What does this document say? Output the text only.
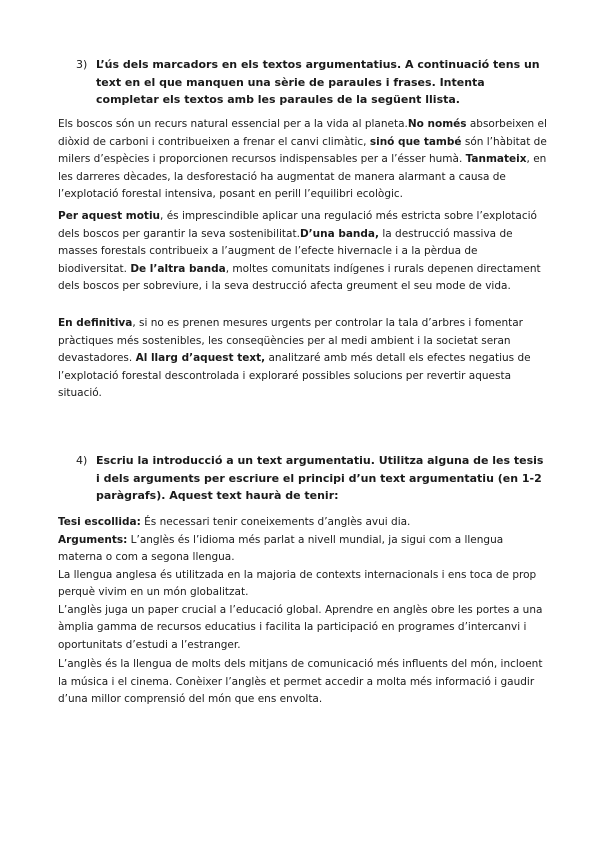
3) L’ús dels marcadors en els textos argumentatius. A continuació tens un text en el que manquen una sèrie de paraules i frases. Intenta completar els textos amb les paraules de la següent llista.

Els boscos són un recurs natural essencial per a la vida al planeta.No només absorbeixen el diòxid de carboni i contribueixen a frenar el canvi climàtic, sinó que també són l’hàbitat de milers d’espècies i proporcionen recursos indispensables per a l’ésser humà. Tanmateix, en les darreres dècades, la desforestació ha augmentat de manera alarmant a causa de l’explotació forestal intensiva, posant en perill l’equilibri ecològic.

Per aquest motiu, és imprescindible aplicar una regulació més estricta sobre l’explotació dels boscos per garantir la seva sostenibilitat.D’una banda, la destrucció massiva de masses forestals contribueix a l’augment de l’efecte hivernacle i a la pèrdua de biodiversitat. De l’altra banda, moltes comunitats indígenes i rurals depenen directament dels boscos per sobreviure, i la seva destrucció afecta greument el seu mode de vida.

En definitiva, si no es prenen mesures urgents per controlar la tala d’arbres i fomentar pràctiques més sostenibles, les conseqüències per al medi ambient i la societat seran devastadores. Al llarg d’aquest text, analitzaré amb més detall els efectes negatius de l’explotació forestal descontrolada i exploraré possibles solucions per revertir aquesta situació.

4) Escriu la introducció a un text argumentatiu. Utilitza alguna de les tesis i dels arguments per escriure el principi d’un text argumentatiu (en 1-2 paràgrafs). Aquest text haurà de tenir:

Tesi escollida: És necessari tenir coneixements d’anglès avui dia.
Arguments: L’anglès és l’idioma més parlat a nivell mundial, ja sigui com a llengua materna o com a segona llengua.
La llengua anglesa és utilitzada en la majoria de contexts internacionals i ens toca de prop perquè vivim en un món globalitzat.
L’anglès juga un paper crucial a l’educació global. Aprendre en anglès obre les portes a una àmplia gamma de recursos educatius i facilita la participació en programes d’intercanvi i oportunitats d’estudi a l’estranger.

L’anglès és la llengua de molts dels mitjans de comunicació més influents del món, incloent la música i el cinema. Conèixer l’anglès et permet accedir a molta més informació i gaudir d’una millor comprensió del món que ens envolta.
